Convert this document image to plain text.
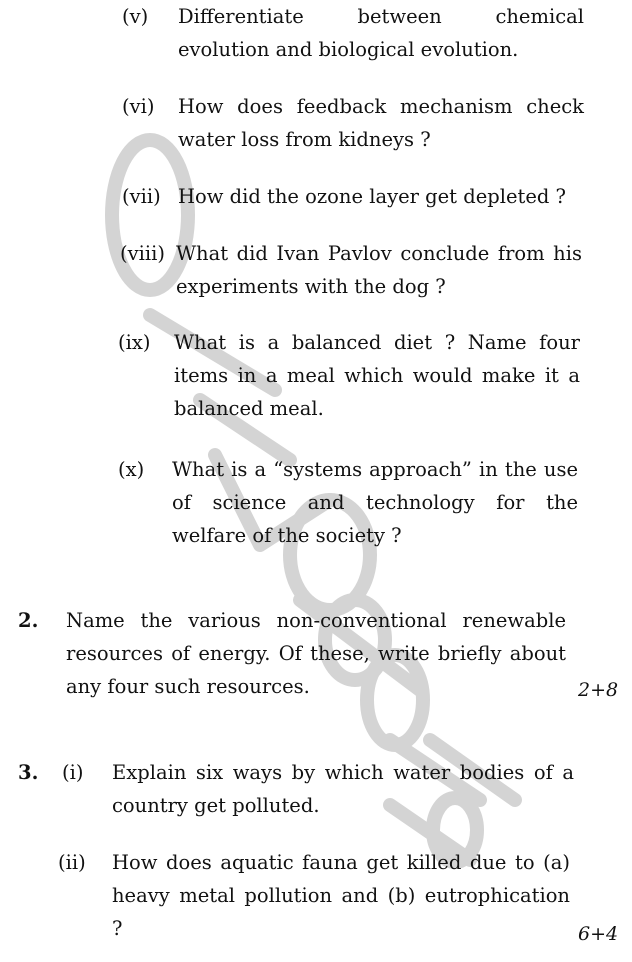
(v) Differentiate between chemical evolution and biological evolution.
(vi) How does feedback mechanism check water loss from kidneys ?
(vii) How did the ozone layer get depleted ?
(viii) What did Ivan Pavlov conclude from his experiments with the dog ?
(ix) What is a balanced diet ? Name four items in a meal which would make it a balanced meal.
(x) What is a “systems approach” in the use of science and technology for the welfare of the society ?
2. Name the various non-conventional renewable resources of energy. Of these, write briefly about any four such resources.	2+8
3. (i) Explain six ways by which water bodies of a country get polluted.
(ii) How does aquatic fauna get killed due to (a) heavy metal pollution and (b) eutrophication ?	6+4
